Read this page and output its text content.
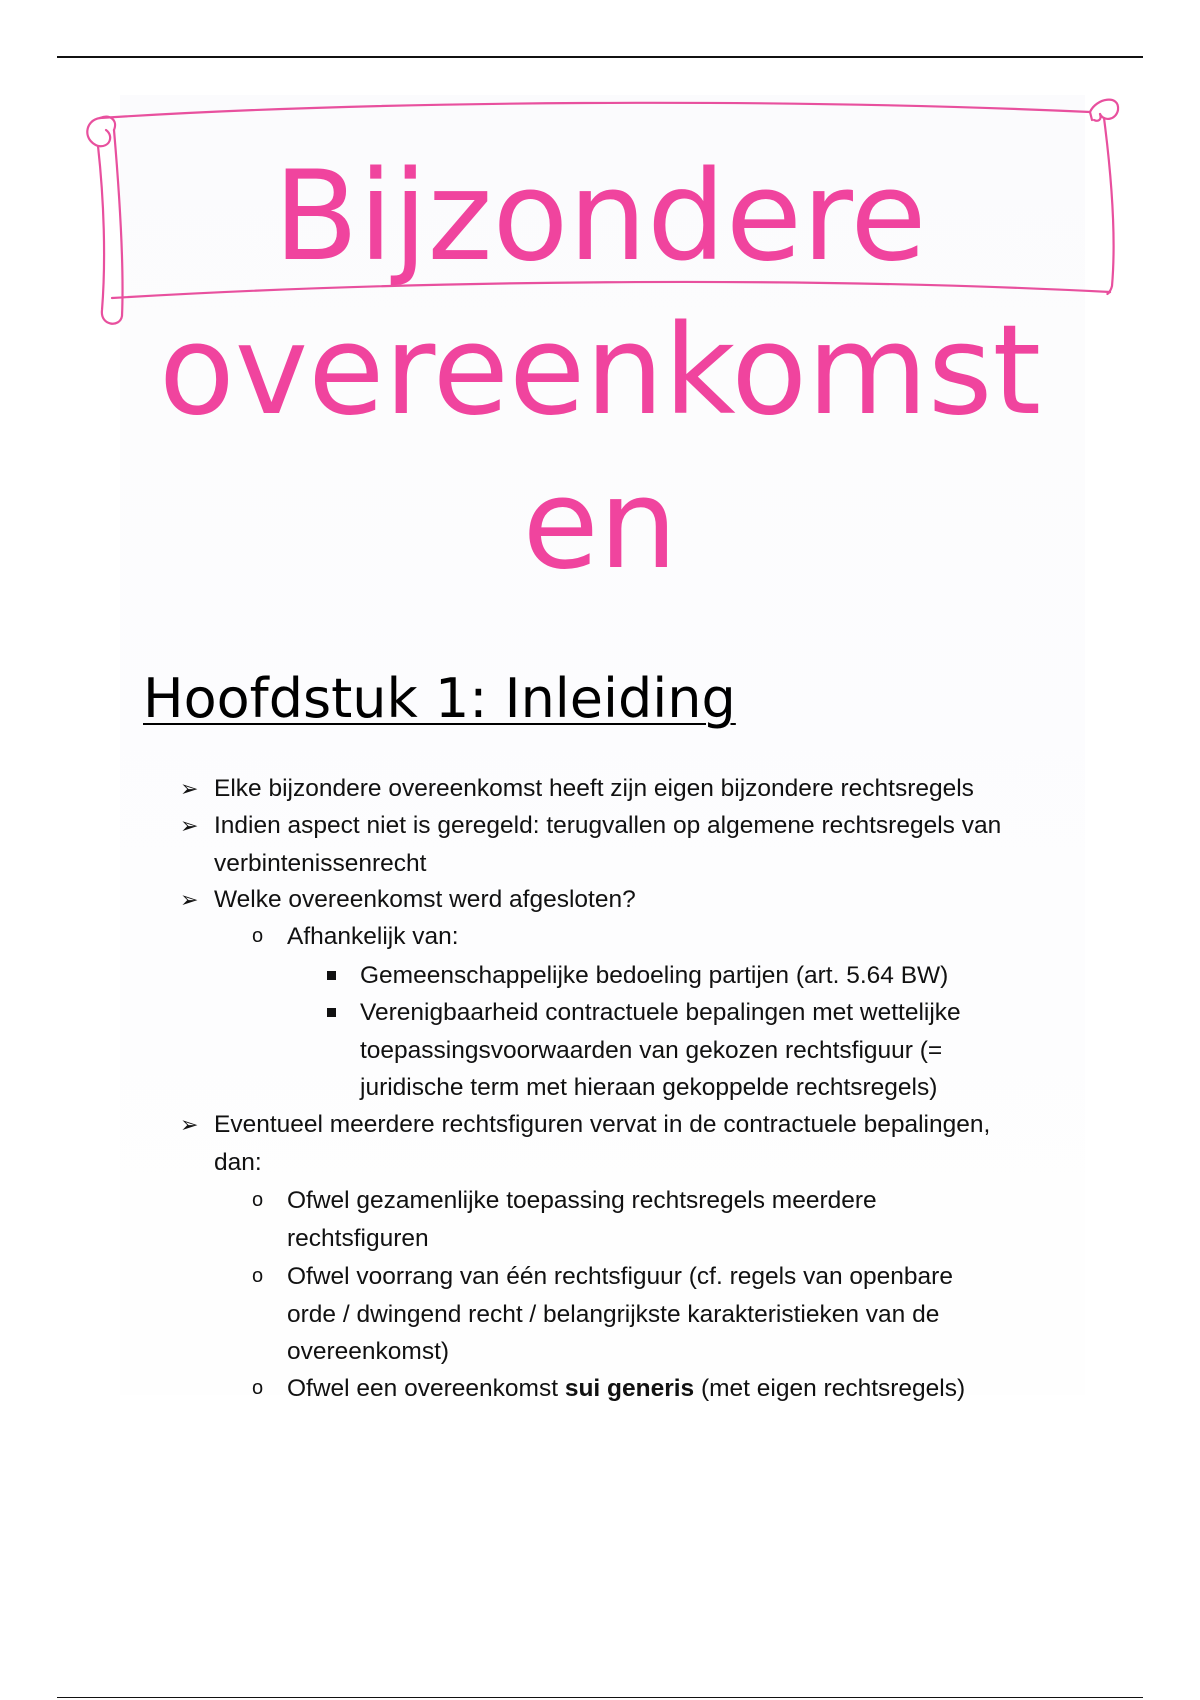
Bijzondere
overeenkomst
en
Hoofdstuk 1: Inleiding
➢ Elke bijzondere overeenkomst heeft zijn eigen bijzondere rechtsregels
➢ Indien aspect niet is geregeld: terugvallen op algemene rechtsregels van
verbintenissenrecht
➢ Welke overeenkomst werd afgesloten?
o Afhankelijk van:
Gemeenschappelijke bedoeling partijen (art. 5.64 BW)
Verenigbaarheid contractuele bepalingen met wettelijke
toepassingsvoorwaarden van gekozen rechtsfiguur (=
juridische term met hieraan gekoppelde rechtsregels)
➢ Eventueel meerdere rechtsfiguren vervat in de contractuele bepalingen,
dan:
o Ofwel gezamenlijke toepassing rechtsregels meerdere
rechtsfiguren
o Ofwel voorrang van één rechtsfiguur (cf. regels van openbare
orde / dwingend recht / belangrijkste karakteristieken van de
overeenkomst)
o Ofwel een overeenkomst sui generis (met eigen rechtsregels)
